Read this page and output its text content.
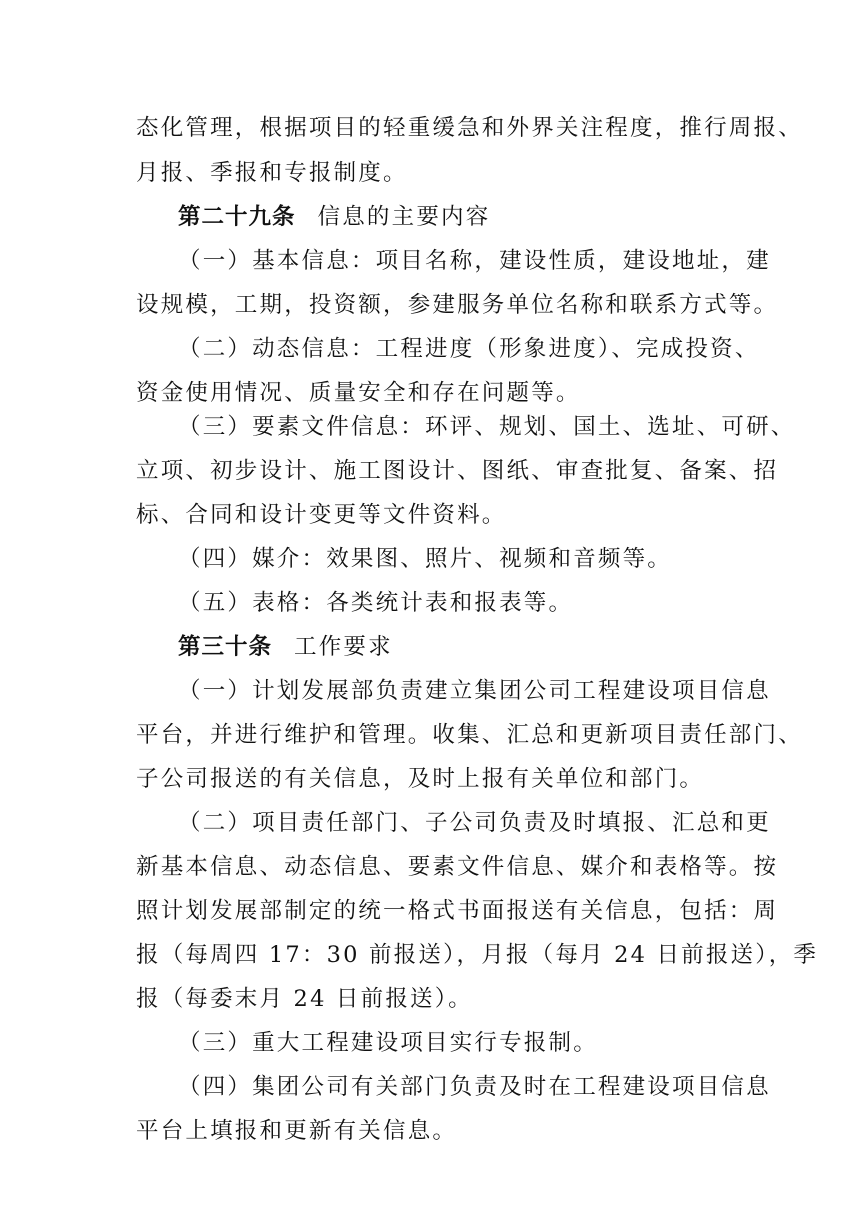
态化管理，根据项目的轻重缓急和外界关注程度，推行周报、
月报、季报和专报制度。
第二十九条 信息的主要内容
（一）基本信息：项目名称，建设性质，建设地址，建
设规模，工期，投资额，参建服务单位名称和联系方式等。
（二）动态信息：工程进度（形象进度）、完成投资、
资金使用情况、质量安全和存在问题等。
（三）要素文件信息：环评、规划、国土、选址、可研、
立项、初步设计、施工图设计、图纸、审查批复、备案、招
标、合同和设计变更等文件资料。
（四）媒介：效果图、照片、视频和音频等。
（五）表格：各类统计表和报表等。
第三十条 工作要求
（一）计划发展部负责建立集团公司工程建设项目信息
平台，并进行维护和管理。收集、汇总和更新项目责任部门、
子公司报送的有关信息，及时上报有关单位和部门。
（二）项目责任部门、子公司负责及时填报、汇总和更
新基本信息、动态信息、要素文件信息、媒介和表格等。按
照计划发展部制定的统一格式书面报送有关信息，包括：周
报（每周四 17：30 前报送），月报（每月 24 日前报送），季
报（每委末月 24 日前报送）。
（三）重大工程建设项目实行专报制。
（四）集团公司有关部门负责及时在工程建设项目信息
平台上填报和更新有关信息。
